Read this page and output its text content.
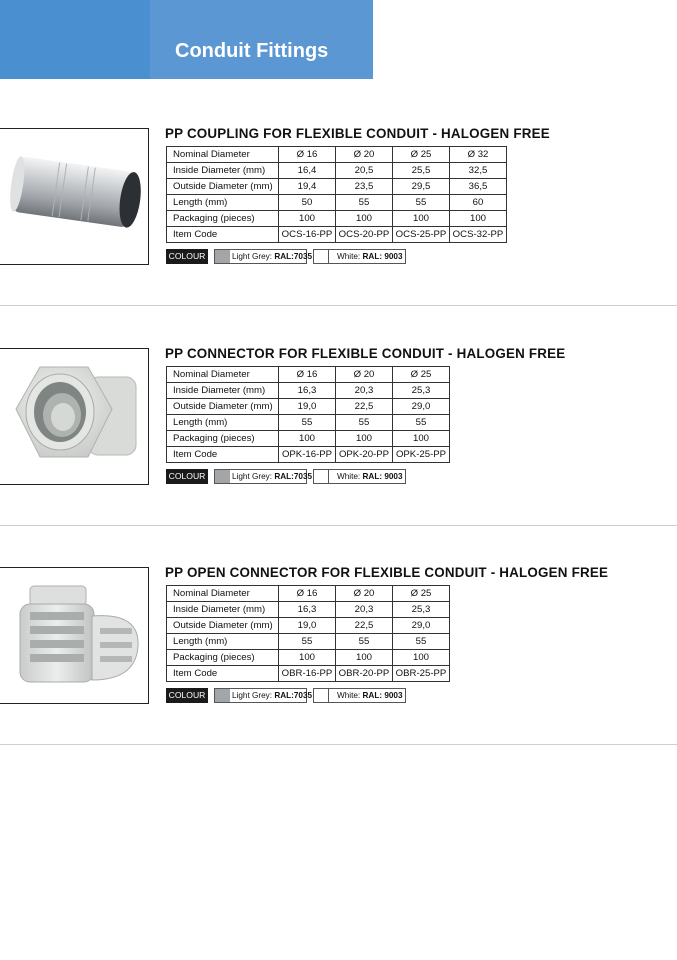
Conduit Fittings
PP COUPLING FOR FLEXIBLE CONDUIT - HALOGEN FREE
Nominal Diameter	Ø 16	Ø 20	Ø 25	Ø 32
Inside Diameter (mm)	16,4	20,5	25,5	32,5
Outside Diameter (mm)	19,4	23,5	29,5	36,5
Length (mm)	50	55	55	60
Packaging (pieces)	100	100	100	100
Item Code	OCS-16-PP	OCS-20-PP	OCS-25-PP	OCS-32-PP
COLOUR	Light Grey: RAL:7035	White: RAL: 9003
PP CONNECTOR FOR FLEXIBLE CONDUIT - HALOGEN FREE
Nominal Diameter	Ø 16	Ø 20	Ø 25
Inside Diameter (mm)	16,3	20,3	25,3
Outside Diameter (mm)	19,0	22,5	29,0
Length (mm)	55	55	55
Packaging (pieces)	100	100	100
Item Code	OPK-16-PP	OPK-20-PP	OPK-25-PP
COLOUR	Light Grey: RAL:7035	White: RAL: 9003
PP OPEN CONNECTOR FOR FLEXIBLE CONDUIT - HALOGEN FREE
Nominal Diameter	Ø 16	Ø 20	Ø 25
Inside Diameter (mm)	16,3	20,3	25,3
Outside Diameter (mm)	19,0	22,5	29,0
Length (mm)	55	55	55
Packaging (pieces)	100	100	100
Item Code	OBR-16-PP	OBR-20-PP	OBR-25-PP
COLOUR	Light Grey: RAL:7035	White: RAL: 9003
